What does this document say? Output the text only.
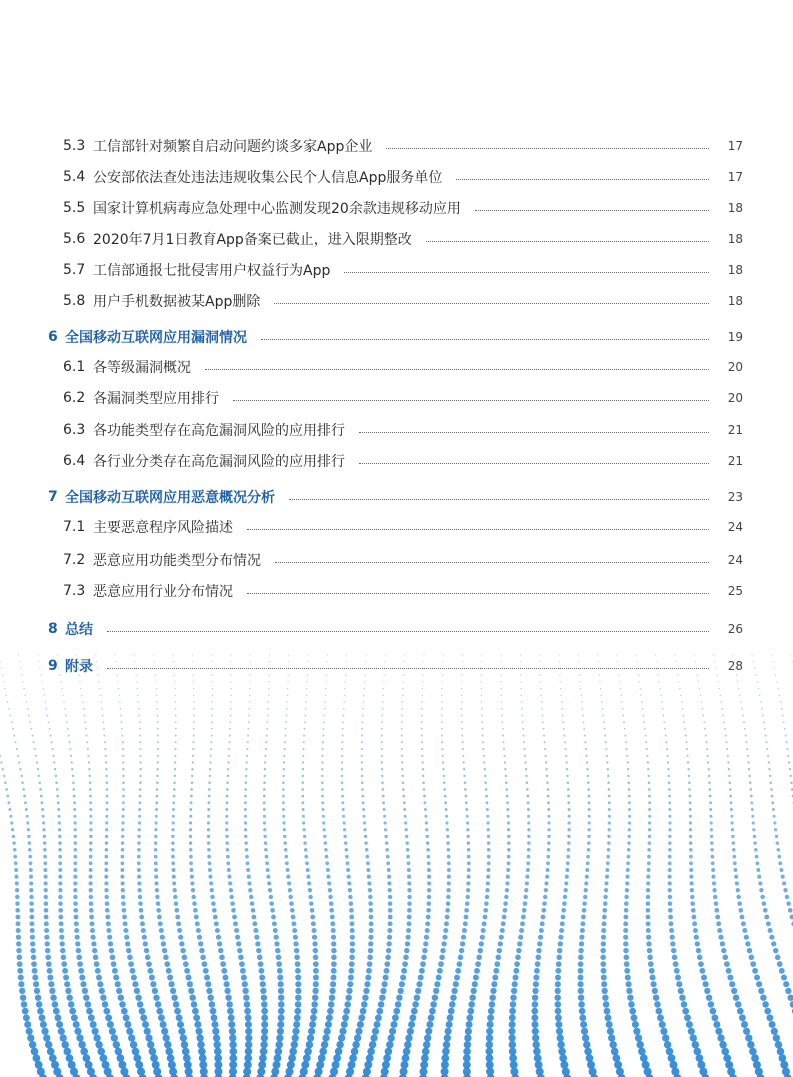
5.3 工信部针对频繁自启动问题约谈多家App企业	17
5.4 公安部依法查处违法违规收集公民个人信息App服务单位	17
5.5 国家计算机病毒应急处理中心监测发现20余款违规移动应用	18
5.6 2020年7月1日教育App备案已截止，进入限期整改	18
5.7 工信部通报七批侵害用户权益行为App	18
5.8 用户手机数据被某App删除	18
6 全国移动互联网应用漏洞情况	19
6.1 各等级漏洞概况	20
6.2 各漏洞类型应用排行	20
6.3 各功能类型存在高危漏洞风险的应用排行	21
6.4 各行业分类存在高危漏洞风险的应用排行	21
7 全国移动互联网应用恶意概况分析	23
7.1 主要恶意程序风险描述	24
7.2 恶意应用功能类型分布情况	24
7.3 恶意应用行业分布情况	25
8 总结	26
9 附录	28
